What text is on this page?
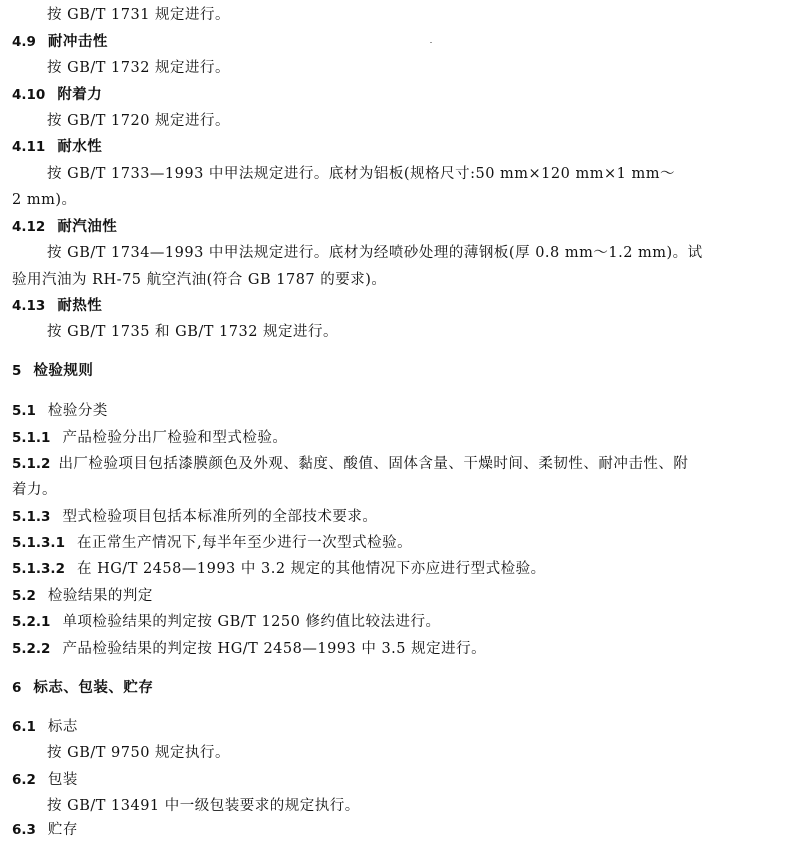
按 GB/T 1731 规定进行。
4.9 耐冲击性
按 GB/T 1732 规定进行。
4.10 附着力
按 GB/T 1720 规定进行。
4.11 耐水性
按 GB/T 1733—1993 中甲法规定进行。底材为铝板(规格尺寸:50 mm×120 mm×1 mm～
2 mm)。
4.12 耐汽油性
按 GB/T 1734—1993 中甲法规定进行。底材为经喷砂处理的薄钢板(厚 0.8 mm～1.2 mm)。试
验用汽油为 RH-75 航空汽油(符合 GB 1787 的要求)。
4.13 耐热性
按 GB/T 1735 和 GB/T 1732 规定进行。
5 检验规则
5.1 检验分类
5.1.1 产品检验分出厂检验和型式检验。
5.1.2 出厂检验项目包括漆膜颜色及外观、黏度、酸值、固体含量、干燥时间、柔韧性、耐冲击性、附
着力。
5.1.3 型式检验项目包括本标准所列的全部技术要求。
5.1.3.1 在正常生产情况下,每半年至少进行一次型式检验。
5.1.3.2 在 HG/T 2458—1993 中 3.2 规定的其他情况下亦应进行型式检验。
5.2 检验结果的判定
5.2.1 单项检验结果的判定按 GB/T 1250 修约值比较法进行。
5.2.2 产品检验结果的判定按 HG/T 2458—1993 中 3.5 规定进行。
6 标志、包装、贮存
6.1 标志
按 GB/T 9750 规定执行。
6.2 包装
按 GB/T 13491 中一级包装要求的规定执行。
6.3 贮存
